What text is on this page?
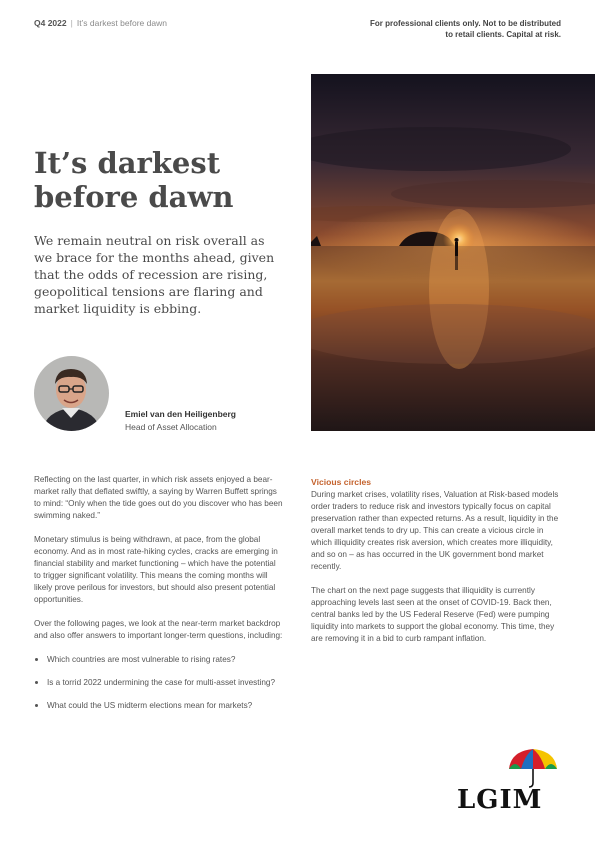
Q4 2022 | It’s darkest before dawn	For professional clients only. Not to be distributed to retail clients. Capital at risk.
It’s darkest
before dawn

We remain neutral on risk overall as we brace for the months ahead, given that the odds of recession are rising, geopolitical tensions are flaring and market liquidity is ebbing.

Emiel van den Heiligenberg
Head of Asset Allocation

Reflecting on the last quarter, in which risk assets enjoyed a bear-market rally that deflated swiftly, a saying by Warren Buffett springs to mind: “Only when the tide goes out do you discover who has been swimming naked.”

Monetary stimulus is being withdrawn, at pace, from the global economy. And as in most rate-hiking cycles, cracks are emerging in financial stability and market functioning – which have the potential to trigger significant volatility. This means the coming months will likely prove perilous for investors, but should also present potential opportunities.

Over the following pages, we look at the near-term market backdrop and also offer answers to important longer-term questions, including:

Which countries are most vulnerable to rising rates?
Is a torrid 2022 undermining the case for multi-asset investing?
What could the US midterm elections mean for markets?
Vicious circles

During market crises, volatility rises, Valuation at Risk-based models order traders to reduce risk and investors typically focus on capital preservation rather than expected returns. As a result, liquidity in the overall market tends to dry up. This can create a vicious circle in which illiquidity creates risk aversion, which creates more illiquidity, and so on – as has occurred in the UK government bond market recently.

The chart on the next page suggests that illiquidity is currently approaching levels last seen at the onset of COVID-19. Back then, central banks led by the US Federal Reserve (Fed) were pumping liquidity into markets to support the global economy. This time, they are removing it in a bid to curb rampant inflation.

LGIM
